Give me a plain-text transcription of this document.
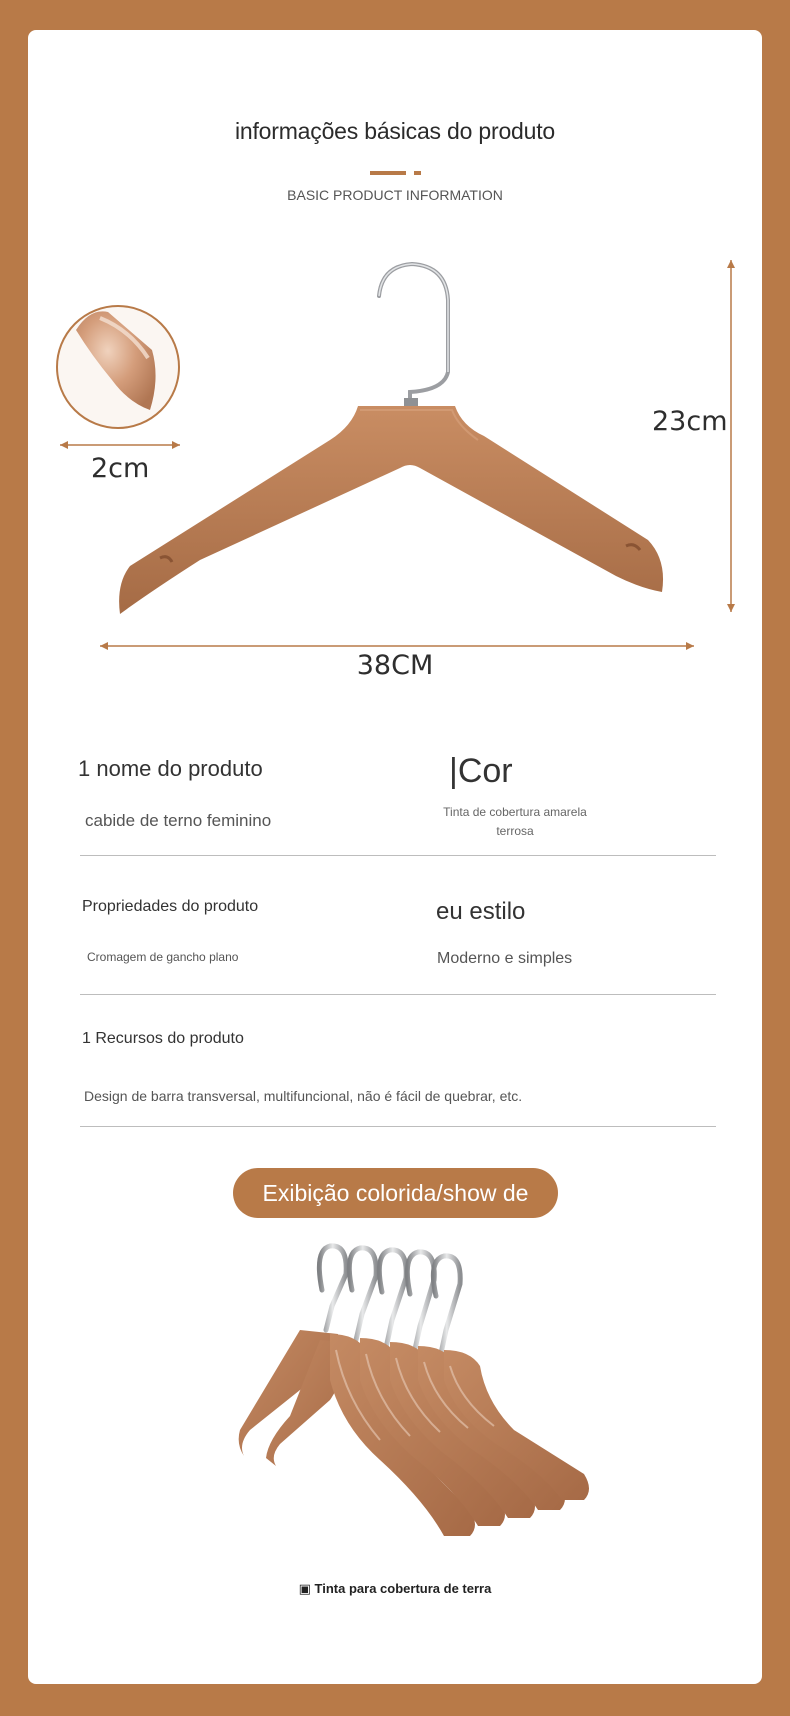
informações básicas do produto
BASIC PRODUCT INFORMATION
2cm
23cm
38CM
1 nome do produto
cabide de terno feminino
|Cor
Tinta de cobertura amarela
terrosa
Propriedades do produto
Cromagem de gancho plano
eu estilo
Moderno e simples
1 Recursos do produto
Design de barra transversal, multifuncional, não é fácil de quebrar, etc.
Exibição colorida/show de cores
▣ Tinta para cobertura de terra
